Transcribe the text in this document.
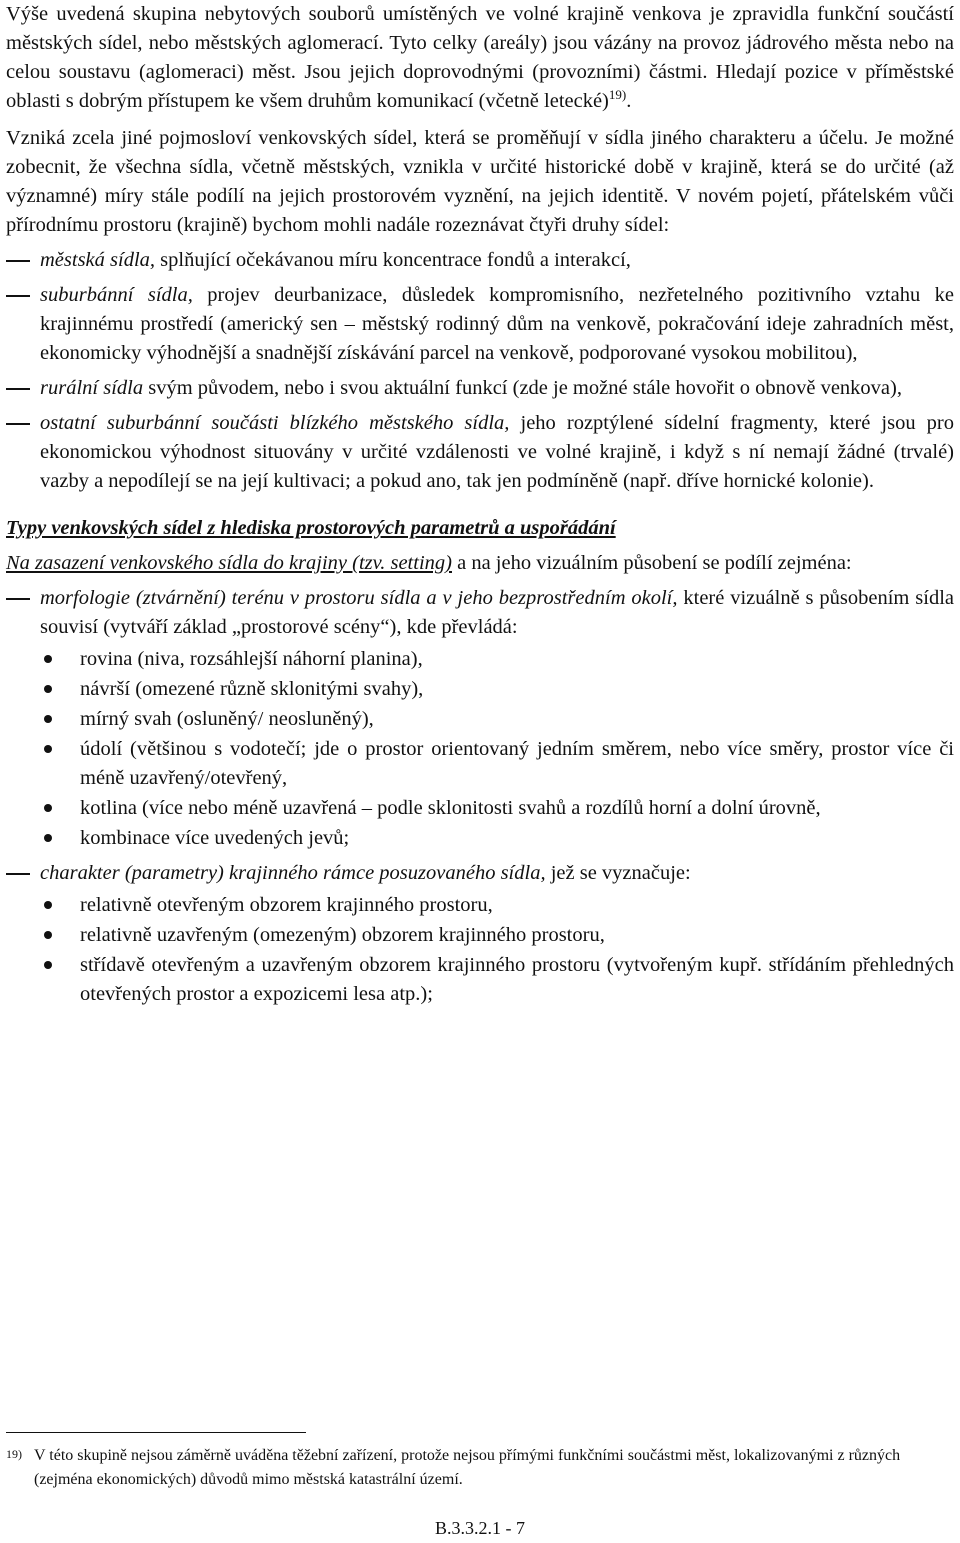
Výše uvedená skupina nebytových souborů umístěných ve volné krajině venkova je zpravidla funkční součástí městských sídel, nebo městských aglomerací. Tyto celky (areály) jsou vázány na provoz jádrového města nebo na celou soustavu (aglomeraci) měst. Jsou jejich doprovodnými (provozními) částmi. Hledají pozice v příměstské oblasti s dobrým přístupem ke všem druhům komunikací (včetně letecké)$^{19)}$.

Vzniká zcela jiné pojmosloví venkovských sídel, která se proměňují v sídla jiného charakteru a účelu. Je možné zobecnit, že všechna sídla, včetně městských, vznikla v určité historické době v krajině, která se do určité (až významné) míry stále podílí na jejich prostorovém vyznění, na jejich identitě. V novém pojetí, přátelském vůči přírodnímu prostoru (krajině) bychom mohli nadále rozeznávat čtyři druhy sídel:

městská sídla, splňující očekávanou míru koncentrace fondů a interakcí,
suburbánní sídla, projev deurbanizace, důsledek kompromisního, nezřetelného pozitivního vztahu ke krajinnému prostředí (americký sen – městský rodinný dům na venkově, pokračování ideje zahradních měst, ekonomicky výhodnější a snadnější získávání parcel na venkově, podporované vysokou mobilitou),
rurální sídla svým původem, nebo i svou aktuální funkcí (zde je možné stále hovořit o obnově venkova),
ostatní suburbánní součásti blízkého městského sídla, jeho rozptýlené sídelní fragmenty, které jsou pro ekonomickou výhodnost situovány v určité vzdálenosti ve volné krajině, i když s ní nemají žádné (trvalé) vazby a nepodílejí se na její kultivaci; a pokud ano, tak jen podmíněně (např. dříve hornické kolonie).

Typy venkovských sídel z hlediska prostorových parametrů a uspořádání

Na zasazení venkovského sídla do krajiny (tzv. setting) a na jeho vizuálním působení se podílí zejména:

morfologie (ztvárnění) terénu v prostoru sídla a v jeho bezprostředním okolí, které vizuálně s působením sídla souvisí (vytváří základ „prostorové scény“), kde převládá:
rovina (niva, rozsáhlejší náhorní planina),
návrší (omezené různě sklonitými svahy),
mírný svah (osluněný/ neosluněný),
údolí (většinou s vodotečí; jde o prostor orientovaný jedním směrem, nebo více směry, prostor více či méně uzavřený/otevřený,
kotlina (více nebo méně uzavřená – podle sklonitosti svahů a rozdílů horní a dolní úrovně,
kombinace více uvedených jevů;
charakter (parametry) krajinného rámce posuzovaného sídla, jež se vyznačuje:
relativně otevřeným obzorem krajinného prostoru,
relativně uzavřeným (omezeným) obzorem krajinného prostoru,
střídavě otevřeným a uzavřeným obzorem krajinného prostoru (vytvořeným kupř. střídáním přehledných otevřených prostor a expozicemi lesa atp.);
19) V této skupině nejsou záměrně uváděna těžební zařízení, protože nejsou přímými funkčními součástmi měst, lokalizovanými z různých (zejména ekonomických) důvodů mimo městská katastrální území.
B.3.3.2.1 - 7
